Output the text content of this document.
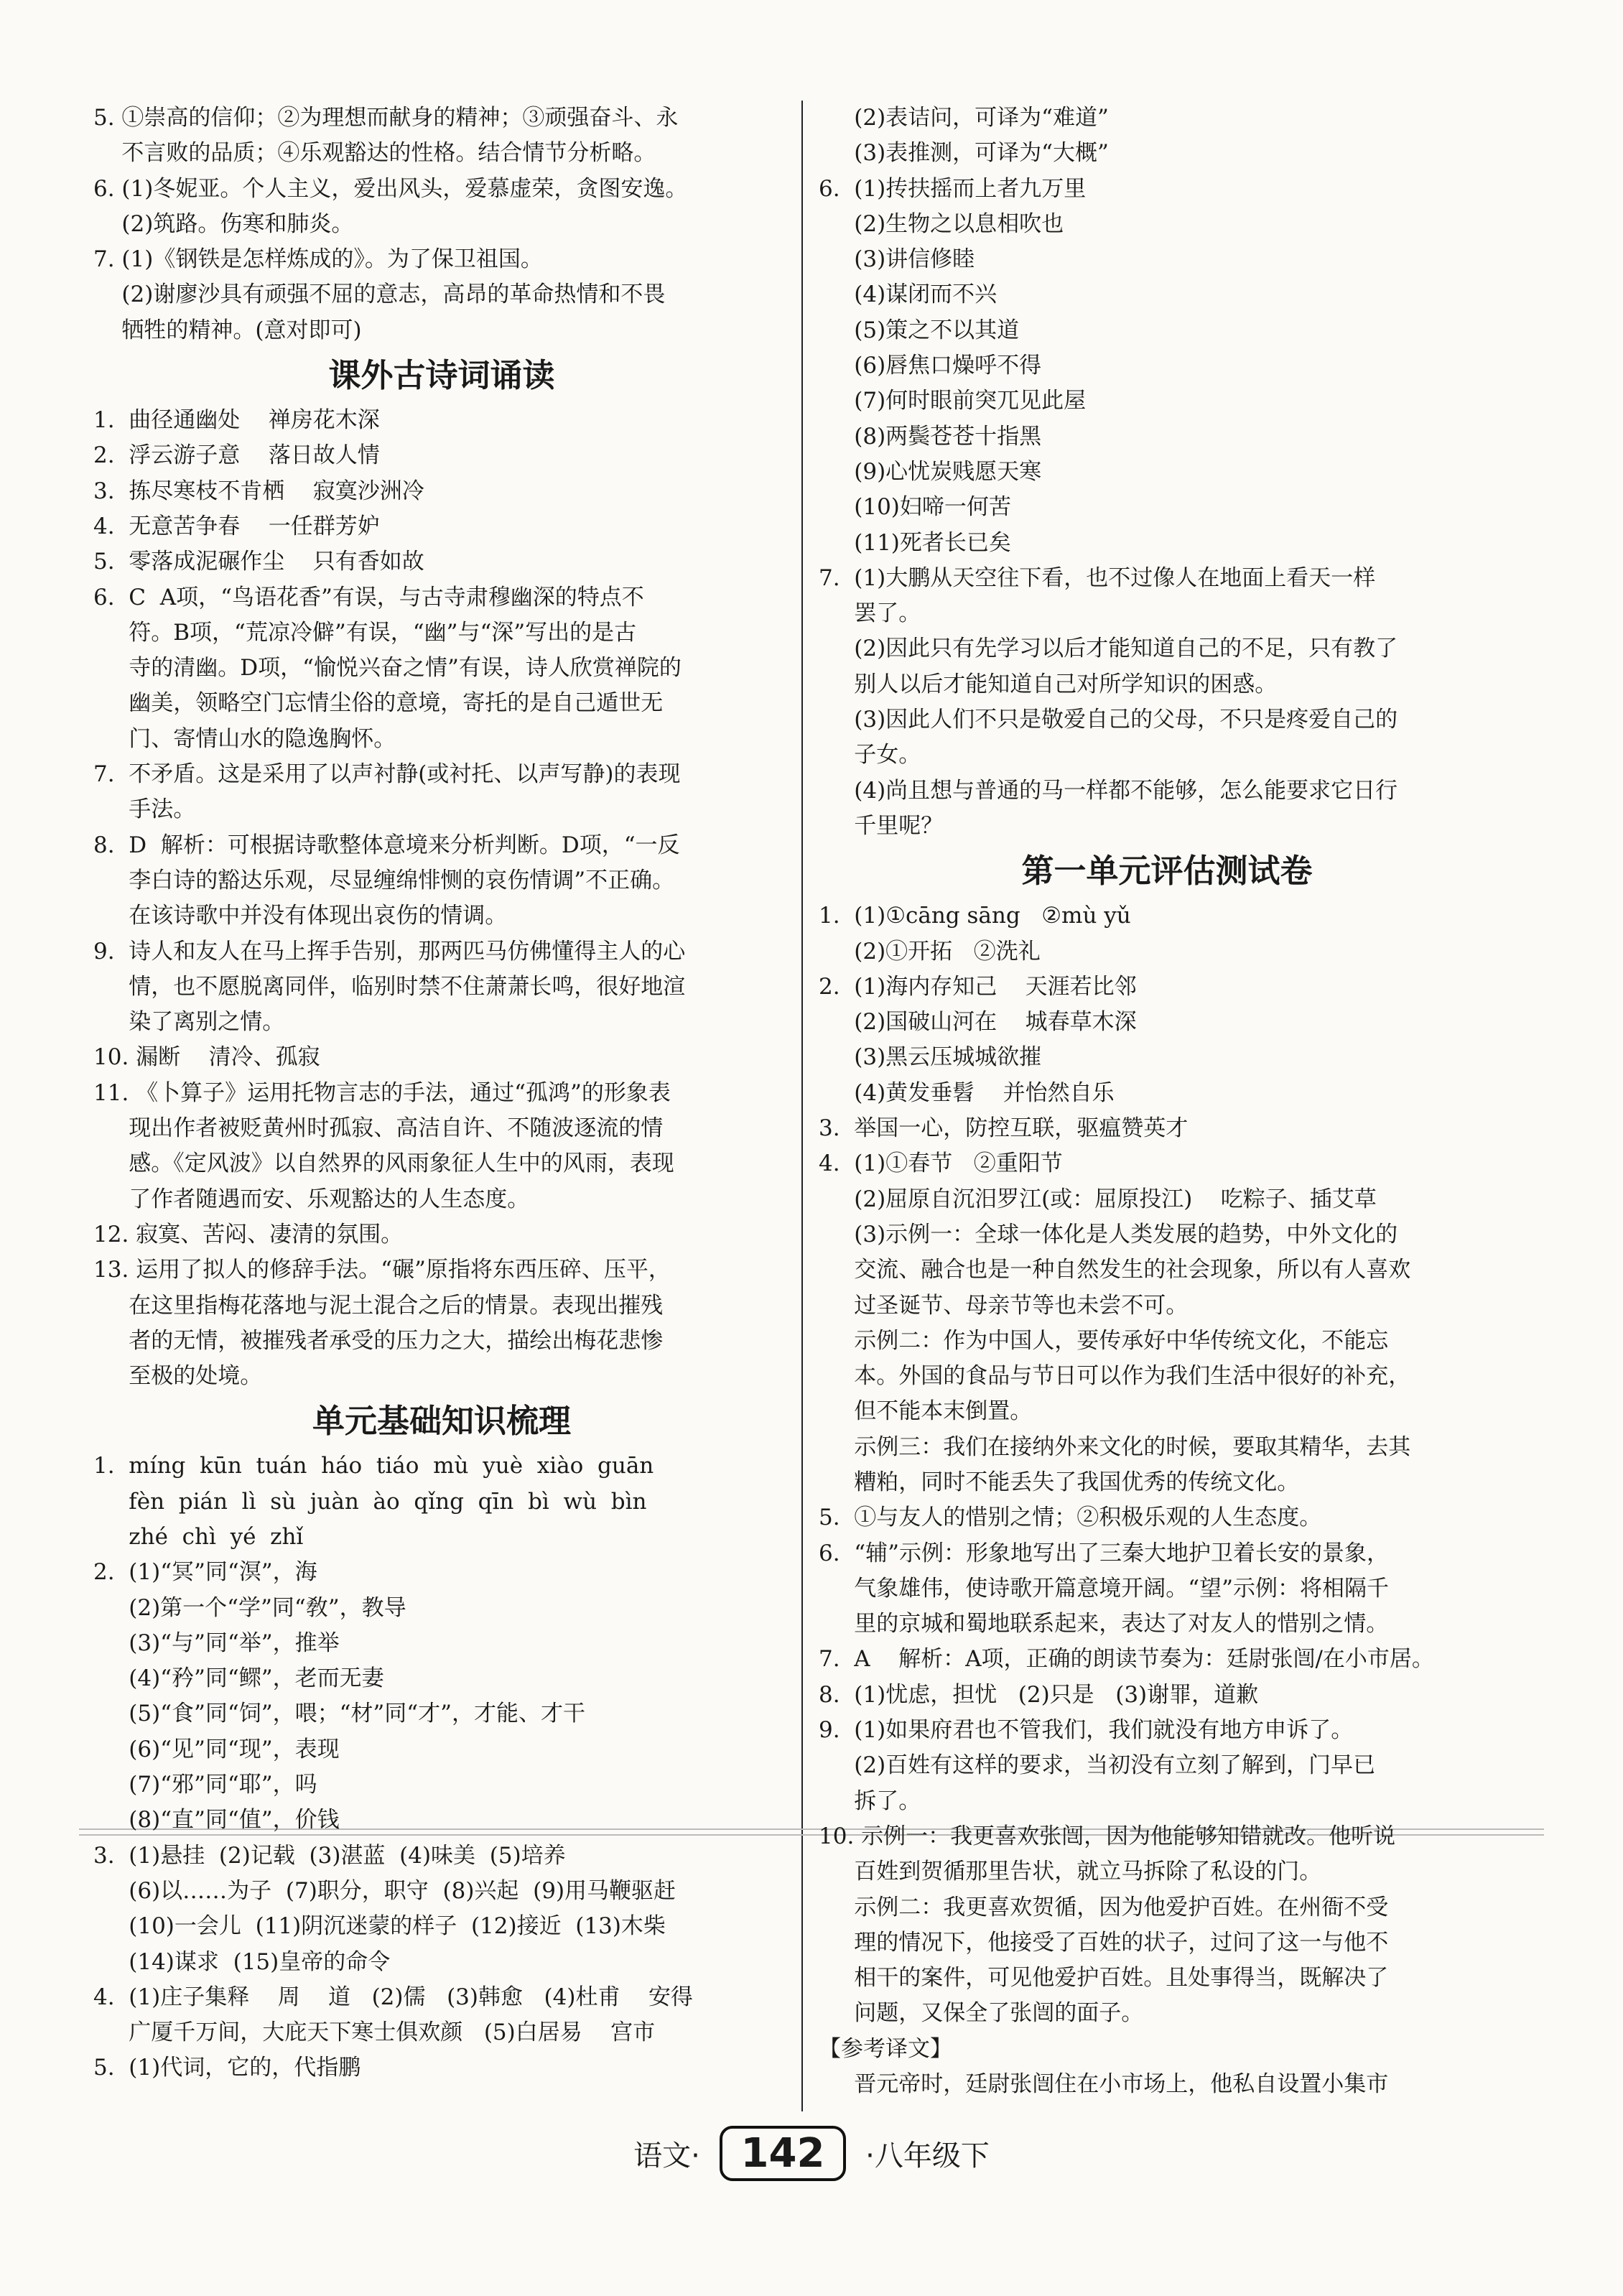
5. ①崇高的信仰；②为理想而献身的精神；③顽强奋斗、永
不言败的品质；④乐观豁达的性格。结合情节分析略。
6. (1)冬妮亚。个人主义，爱出风头，爱慕虚荣，贪图安逸。
(2)筑路。伤寒和肺炎。
7. (1)《钢铁是怎样炼成的》。为了保卫祖国。
(2)谢廖沙具有顽强不屈的意志，高昂的革命热情和不畏
牺牲的精神。(意对即可)
课外古诗词诵读
1.  曲径通幽处    禅房花木深
2.  浮云游子意    落日故人情
3.  拣尽寒枝不肯栖    寂寞沙洲冷
4.  无意苦争春    一任群芳妒
5.  零落成泥碾作尘    只有香如故
6.  C  A项，“鸟语花香”有误，与古寺肃穆幽深的特点不
符。B项，“荒凉冷僻”有误，“幽”与“深”写出的是古
寺的清幽。D项，“愉悦兴奋之情”有误，诗人欣赏禅院的
幽美，领略空门忘情尘俗的意境，寄托的是自己遁世无
门、寄情山水的隐逸胸怀。
7.  不矛盾。这是采用了以声衬静(或衬托、以声写静)的表现
手法。
8.  D  解析：可根据诗歌整体意境来分析判断。D项，“一反
李白诗的豁达乐观，尽显缠绵悱恻的哀伤情调”不正确。
在该诗歌中并没有体现出哀伤的情调。
9.  诗人和友人在马上挥手告别，那两匹马仿佛懂得主人的心
情，也不愿脱离同伴，临别时禁不住萧萧长鸣，很好地渲
染了离别之情。
10. 漏断    清冷、孤寂
11. 《卜算子》运用托物言志的手法，通过“孤鸿”的形象表
现出作者被贬黄州时孤寂、高洁自许、不随波逐流的情
感。《定风波》以自然界的风雨象征人生中的风雨，表现
了作者随遇而安、乐观豁达的人生态度。
12. 寂寞、苦闷、凄清的氛围。
13. 运用了拟人的修辞手法。“碾”原指将东西压碎、压平，
在这里指梅花落地与泥土混合之后的情景。表现出摧残
者的无情，被摧残者承受的压力之大，描绘出梅花悲惨
至极的处境。
单元基础知识梳理
1.  míng  kūn  tuán  háo  tiáo  mù  yuè  xiào  guān
fèn  pián  lì  sù  juàn  ào  qǐng  qīn  bì  wù  bìn
zhé  chì  yé  zhǐ
2.  (1)“冥”同“溟”，海
(2)第一个“学”同“敎”，教导
(3)“与”同“举”，推举
(4)“矜”同“鳏”，老而无妻
(5)“食”同“饲”，喂；“材”同“才”，才能、才干
(6)“见”同“现”，表现
(7)“邪”同“耶”，吗
(8)“直”同“值”，价钱
3.  (1)悬挂  (2)记载  (3)湛蓝  (4)味美  (5)培养
(6)以……为子  (7)职分，职守  (8)兴起  (9)用马鞭驱赶
(10)一会儿  (11)阴沉迷蒙的样子  (12)接近  (13)木柴
(14)谋求  (15)皇帝的命令
4.  (1)庄子集释    周    道   (2)儒   (3)韩愈   (4)杜甫    安得
广厦千万间，大庇天下寒士俱欢颜   (5)白居易    宫市
5.  (1)代词，它的，代指鹏
(2)表诘问，可译为“难道”
(3)表推测，可译为“大概”
6.  (1)抟扶摇而上者九万里
(2)生物之以息相吹也
(3)讲信修睦
(4)谋闭而不兴
(5)策之不以其道
(6)唇焦口燥呼不得
(7)何时眼前突兀见此屋
(8)两鬓苍苍十指黑
(9)心忧炭贱愿天寒
(10)妇啼一何苦
(11)死者长已矣
7.  (1)大鹏从天空往下看，也不过像人在地面上看天一样
罢了。
(2)因此只有先学习以后才能知道自己的不足，只有教了
别人以后才能知道自己对所学知识的困惑。
(3)因此人们不只是敬爱自己的父母，不只是疼爱自己的
子女。
(4)尚且想与普通的马一样都不能够，怎么能要求它日行
千里呢？
第一单元评估测试卷
1.  (1)①cāng sāng   ②mù yǔ
(2)①开拓   ②洗礼
2.  (1)海内存知己    天涯若比邻
(2)国破山河在    城春草木深
(3)黑云压城城欲摧
(4)黄发垂髫    并怡然自乐
3.  举国一心，防控互联，驱瘟赞英才
4.  (1)①春节   ②重阳节
(2)屈原自沉汨罗江(或：屈原投江)    吃粽子、插艾草
(3)示例一：全球一体化是人类发展的趋势，中外文化的
交流、融合也是一种自然发生的社会现象，所以有人喜欢
过圣诞节、母亲节等也未尝不可。
示例二：作为中国人，要传承好中华传统文化，不能忘
本。外国的食品与节日可以作为我们生活中很好的补充，
但不能本末倒置。
示例三：我们在接纳外来文化的时候，要取其精华，去其
糟粕，同时不能丢失了我国优秀的传统文化。
5.  ①与友人的惜别之情；②积极乐观的人生态度。
6.  “辅”示例：形象地写出了三秦大地护卫着长安的景象，
气象雄伟，使诗歌开篇意境开阔。“望”示例：将相隔千
里的京城和蜀地联系起来，表达了对友人的惜别之情。
7.  A    解析：A项，正确的朗读节奏为：廷尉张闿/在小市居。
8.  (1)忧虑，担忧   (2)只是   (3)谢罪，道歉
9.  (1)如果府君也不管我们，我们就没有地方申诉了。
(2)百姓有这样的要求，当初没有立刻了解到，门早已
拆了。
10. 示例一：我更喜欢张闿，因为他能够知错就改。他听说
百姓到贺循那里告状，就立马拆除了私设的门。
示例二：我更喜欢贺循，因为他爱护百姓。在州衙不受
理的情况下，他接受了百姓的状子，过问了这一与他不
相干的案件，可见他爱护百姓。且处事得当，既解决了
问题，又保全了张闿的面子。
【参考译文】
晋元帝时，廷尉张闿住在小市场上，他私自设置小集市
语文· 142 ·八年级下
